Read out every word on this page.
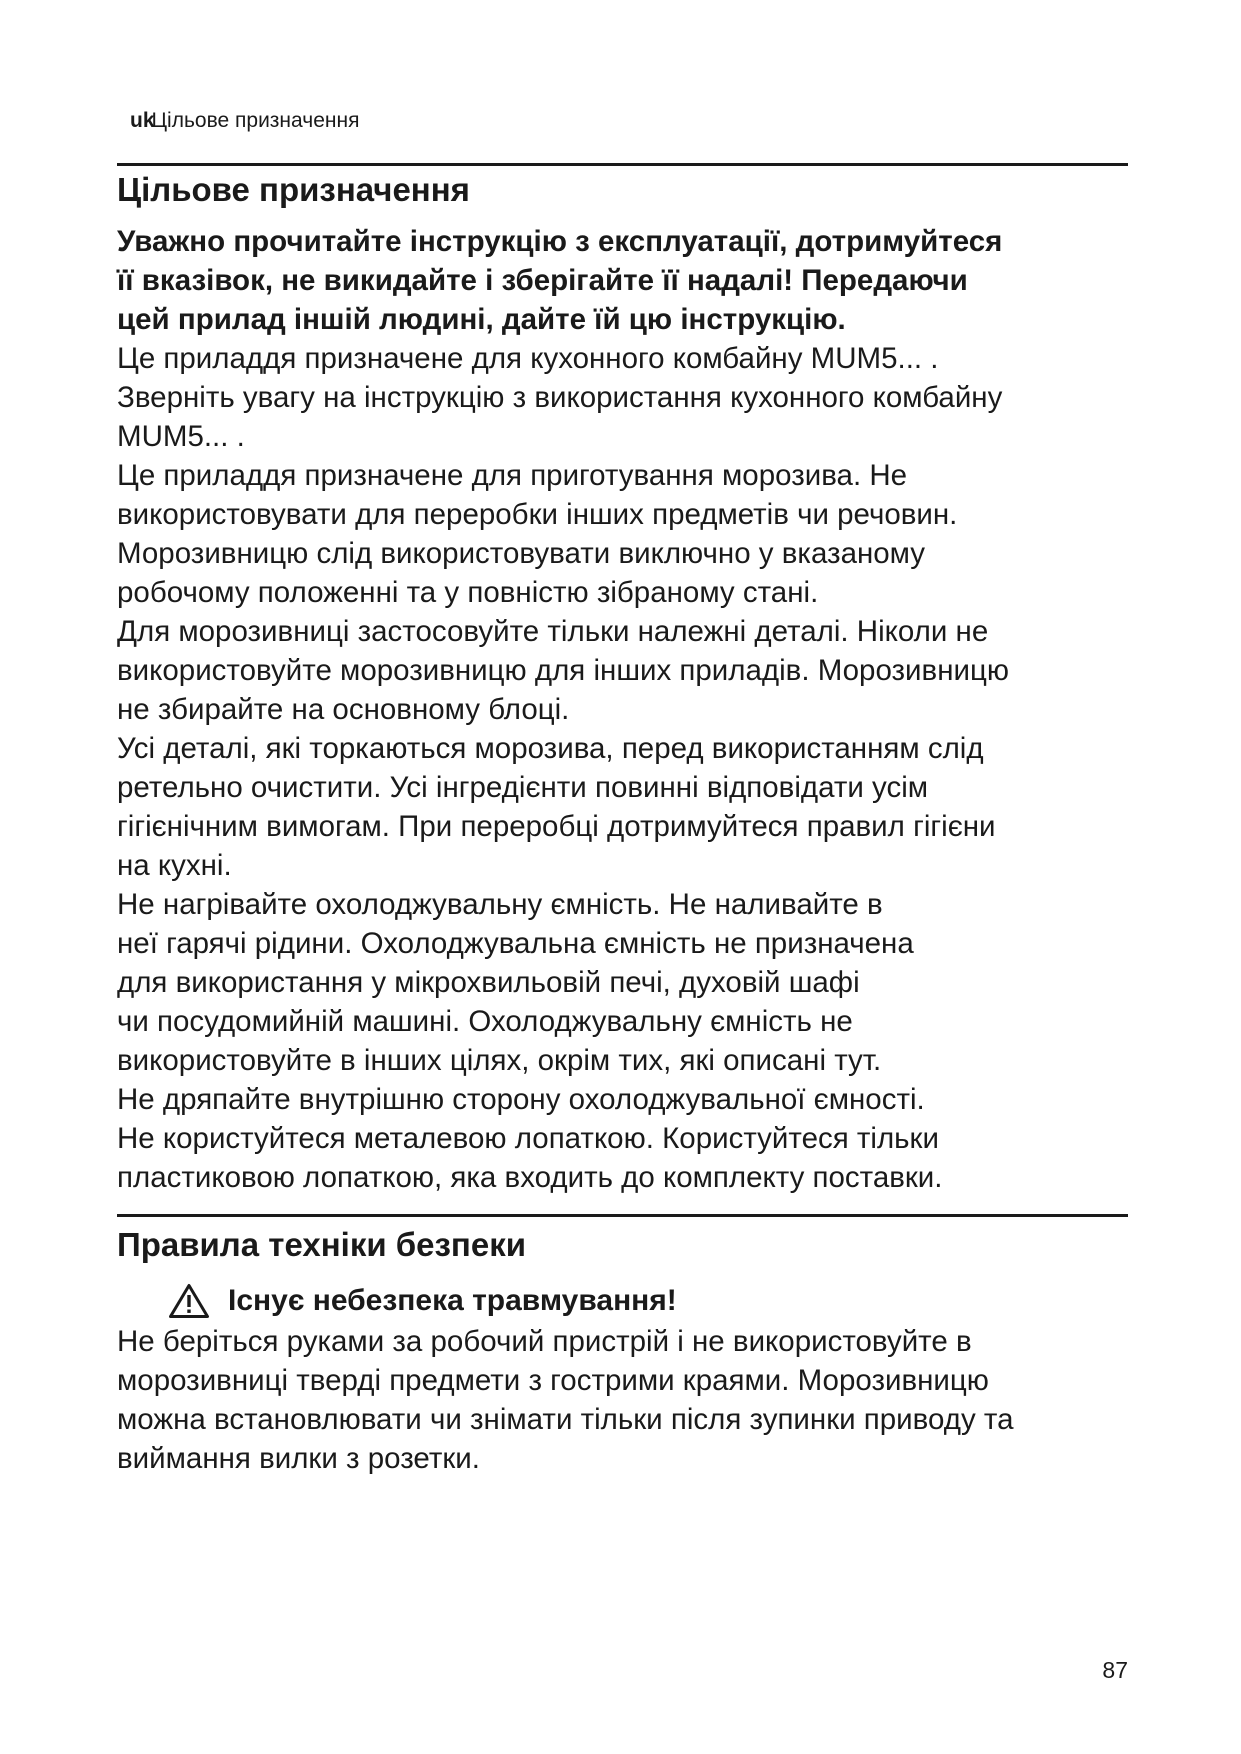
ukЦільове призначення
Цільове призначення

Уважно прочитайте інструкцію з експлуатації, дотримуйтеся
її вказівок, не викидайте і зберігайте її надалі! Передаючи
цей прилад іншій людині, дайте їй цю інструкцію.

Це приладдя призначене для кухонного комбайну MUM5... .
Зверніть увагу на інструкцію з використання кухонного комбайну
MUM5... .

Це приладдя призначене для приготування морозива. Не
використовувати для переробки інших предметів чи речовин.
Морозивницю слід використовувати виключно у вказаному
робочому положенні та у повністю зібраному стані.

Для морозивниці застосовуйте тільки належні деталі. Ніколи не
використовуйте морозивницю для інших приладів. Морозивницю
не збирайте на основному блоці.

Усі деталі, які торкаються морозива, перед використанням слід
ретельно очистити. Усі інгредієнти повинні відповідати усім
гігієнічним вимогам. При переробці дотримуйтеся правил гігієни
на кухні.

Не нагрівайте охолоджувальну ємність. Не наливайте в
неї гарячі рідини. Охолоджувальна ємність не призначена
для використання у мікрохвильовій печі, духовій шафі
чи посудомийній машині. Охолоджувальну ємність не
використовуйте в інших цілях, окрім тих, які описані тут.

Не дряпайте внутрішню сторону охолоджувальної ємності.
Не користуйтеся металевою лопаткою. Користуйтеся тільки
пластиковою лопаткою, яка входить до комплекту поставки.

Правила техніки безпеки
Існує небезпека травмування!

Не беріться руками за робочий пристрій і не використовуйте в
морозивниці тверді предмети з гострими краями. Морозивницю
можна встановлювати чи знімати тільки після зупинки приводу та
виймання вилки з розетки.

87
